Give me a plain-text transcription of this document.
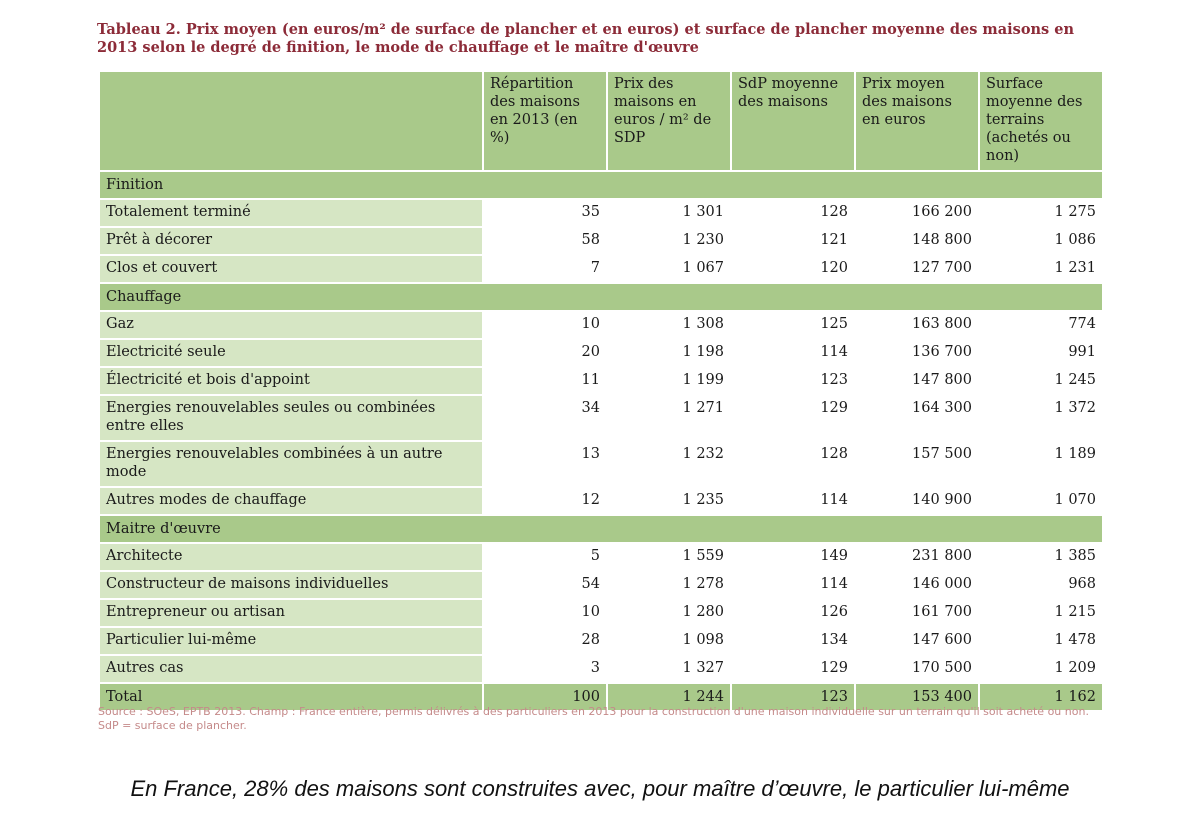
Tableau 2. Prix moyen (en euros/m² de surface de plancher et en euros) et surface de plancher moyenne des maisons en 2013 selon le degré de finition, le mode de chauffage et le maître d'œuvre
	Répartition des maisons en 2013 (en %)	Prix des maisons en euros / m² de SDP	SdP moyenne des maisons	Prix moyen des maisons en euros	Surface moyenne des terrains (achetés ou non)
Finition					
Totalement terminé	35	1 301	128	166 200	1 275
Prêt à décorer	58	1 230	121	148 800	1 086
Clos et couvert	7	1 067	120	127 700	1 231
Chauffage					
Gaz	10	1 308	125	163 800	774
Electricité seule	20	1 198	114	136 700	991
Électricité et bois d'appoint	11	1 199	123	147 800	1 245
Energies renouvelables seules ou combinées entre elles	34	1 271	129	164 300	1 372
Energies renouvelables combinées à un autre mode	13	1 232	128	157 500	1 189
Autres modes de chauffage	12	1 235	114	140 900	1 070
Maitre d'œuvre					
Architecte	5	1 559	149	231 800	1 385
Constructeur de maisons individuelles	54	1 278	114	146 000	968
Entrepreneur ou artisan	10	1 280	126	161 700	1 215
Particulier lui-même	28	1 098	134	147 600	1 478
Autres cas	3	1 327	129	170 500	1 209
Total	100	1 244	123	153 400	1 162
Source : SOeS, EPTB 2013. Champ : France entière, permis délivrés à des particuliers en 2013 pour la construction d'une maison individuelle sur un terrain qu'il soit acheté ou non.
SdP = surface de plancher.
En France, 28% des maisons sont construites avec, pour maître d’œuvre, le particulier lui-même
